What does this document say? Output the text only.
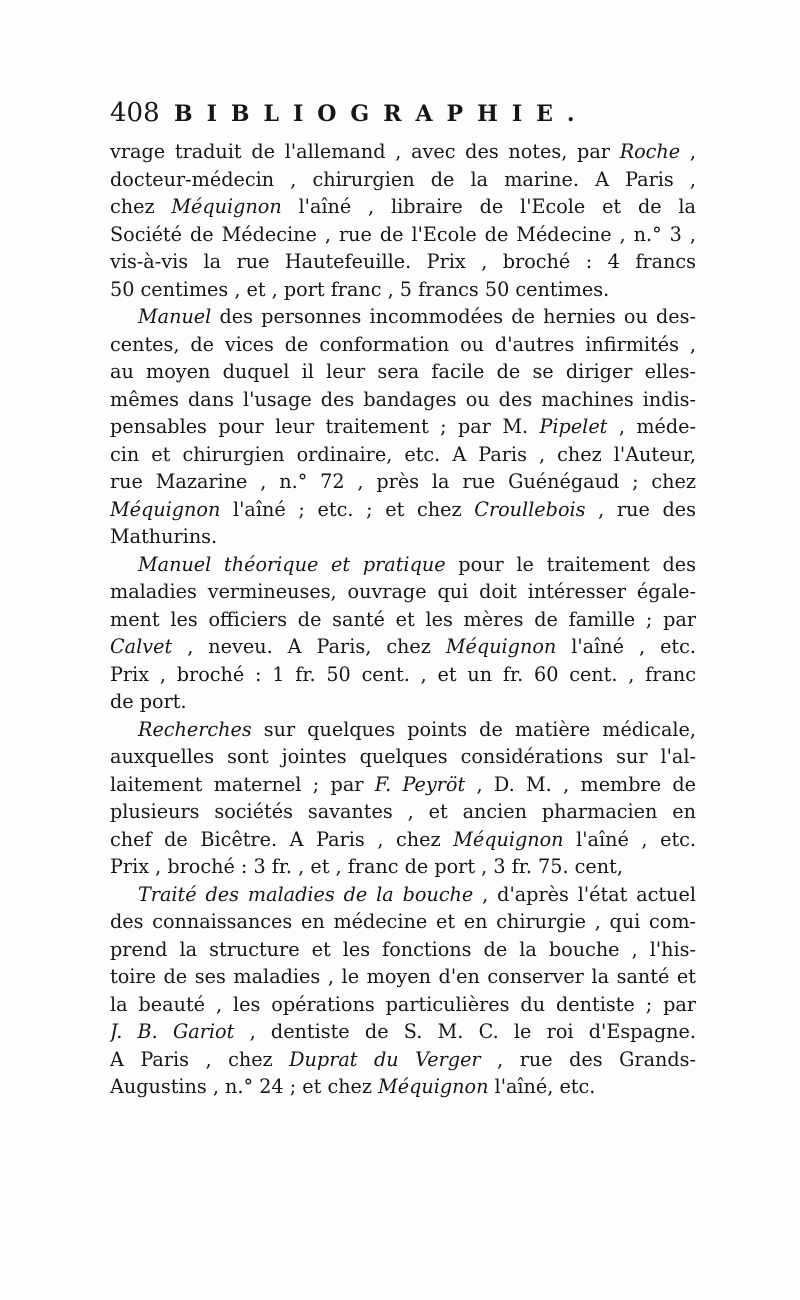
408 BIBLIOGRAPHIE.
vrage traduit de l'allemand , avec des notes, par Roche ,
docteur-médecin , chirurgien de la marine. A Paris ,
chez Méquignon l'aîné , libraire de l'Ecole et de la
Société de Médecine , rue de l'Ecole de Médecine , n.° 3 ,
vis-à-vis la rue Hautefeuille. Prix , broché : 4 francs
50 centimes , et , port franc , 5 francs 50 centimes.
Manuel des personnes incommodées de hernies ou des-
centes, de vices de conformation ou d'autres infirmités ,
au moyen duquel il leur sera facile de se diriger elles-
mêmes dans l'usage des bandages ou des machines indis-
pensables pour leur traitement ; par M. Pipelet , méde-
cin et chirurgien ordinaire, etc. A Paris , chez l'Auteur,
rue Mazarine , n.° 72 , près la rue Guénégaud ; chez
Méquignon l'aîné ; etc. ; et chez Croullebois , rue des
Mathurins.
Manuel théorique et pratique pour le traitement des
maladies vermineuses, ouvrage qui doit intéresser égale-
ment les officiers de santé et les mères de famille ; par
Calvet , neveu. A Paris, chez Méquignon l'aîné , etc.
Prix , broché : 1 fr. 50 cent. , et un fr. 60 cent. , franc
de port.
Recherches sur quelques points de matière médicale,
auxquelles sont jointes quelques considérations sur l'al-
laitement maternel ; par F. Peyröt , D. M. , membre de
plusieurs sociétés savantes , et ancien pharmacien en
chef de Bicêtre. A Paris , chez Méquignon l'aîné , etc.
Prix , broché : 3 fr. , et , franc de port , 3 fr. 75. cent,
Traité des maladies de la bouche , d'après l'état actuel
des connaissances en médecine et en chirurgie , qui com-
prend la structure et les fonctions de la bouche , l'his-
toire de ses maladies , le moyen d'en conserver la santé et
la beauté , les opérations particulières du dentiste ; par
J. B. Gariot , dentiste de S. M. C. le roi d'Espagne.
A Paris , chez Duprat du Verger , rue des Grands-
Augustins , n.° 24 ; et chez Méquignon l'aîné, etc.
